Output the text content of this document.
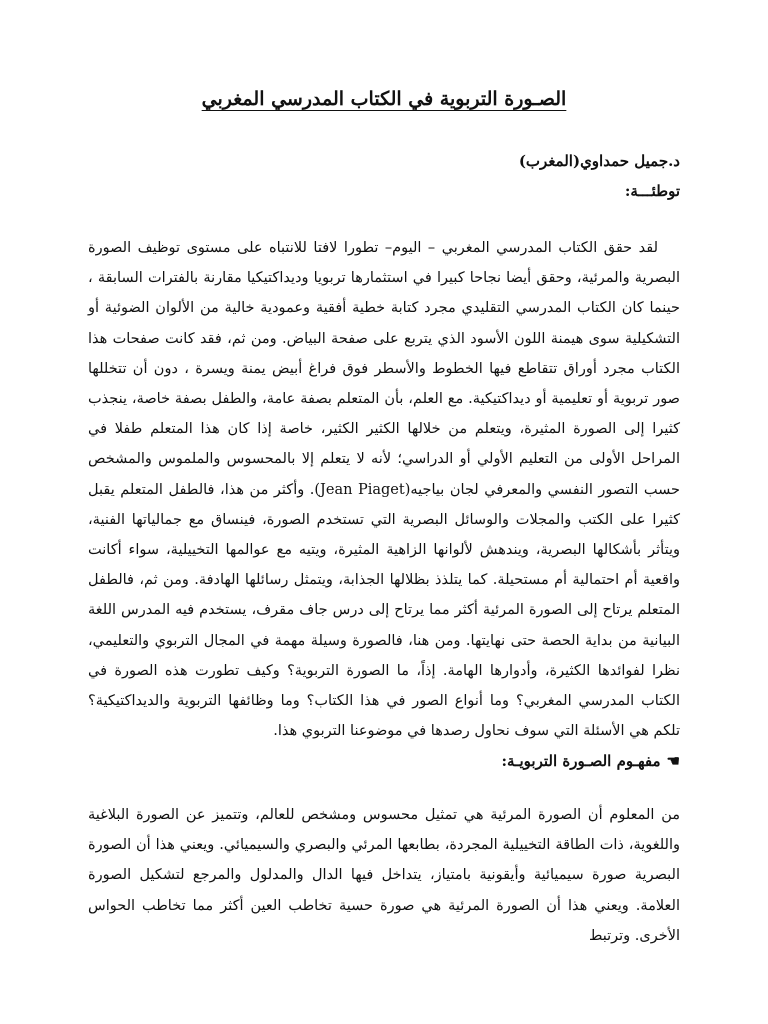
الصـورة التربوية في الكتاب المدرسي المغربي
د.جميل حمداوي(المغرب)
توطئـــة:
لقد حقق الكتاب المدرسي المغربي – اليوم– تطورا لافتا للانتباه على مستوى توظيف الصورة البصرية والمرئية، وحقق أيضا نجاحا كبيرا في استثمارها تربويا وديداكتيكيا مقارنة بالفترات السابقة ، حينما كان الكتاب المدرسي التقليدي مجرد كتابة خطية أفقية وعمودية خالية من الألوان الضوئية أو التشكيلية سوى هيمنة اللون الأسود الذي يتربع على صفحة البياض. ومن ثم، فقد كانت صفحات هذا الكتاب مجرد أوراق تتقاطع فيها الخطوط والأسطر فوق فراغ أبيض يمنة ويسرة ، دون أن تتخللها صور تربوية أو تعليمية أو ديداكتيكية. مع العلم، بأن المتعلم بصفة عامة، والطفل بصفة خاصة، ينجذب كثيرا إلى الصورة المثيرة، ويتعلم من خلالها الكثير الكثير، خاصة إذا كان هذا المتعلم طفلا في المراحل الأولى من التعليم الأولي أو الدراسي؛ لأنه لا يتعلم إلا بالمحسوس والملموس والمشخص حسب التصور النفسي والمعرفي لجان بياجيه(Jean Piaget). وأكثر من هذا، فالطفل المتعلم يقبل كثيرا على الكتب والمجلات والوسائل البصرية التي تستخدم الصورة، فينساق مع جمالياتها الفنية، ويتأثر بأشكالها البصرية، ويندهش لألوانها الزاهية المثيرة، ويتيه مع عوالمها التخييلية، سواء أكانت واقعية أم احتمالية أم مستحيلة. كما يتلذذ بظلالها الجذابة، ويتمثل رسائلها الهادفة. ومن ثم، فالطفل المتعلم يرتاح إلى الصورة المرئية أكثر مما يرتاح إلى درس جاف مقرف، يستخدم فيه المدرس اللغة البيانية من بداية الحصة حتى نهايتها. ومن هنا، فالصورة وسيلة مهمة في المجال التربوي والتعليمي، نظرا لفوائدها الكثيرة، وأدوارها الهامة. إذاً، ما الصورة التربوية؟ وكيف تطورت هذه الصورة في الكتاب المدرسي المغربي؟ وما أنواع الصور في هذا الكتاب؟ وما وظائفها التربوية والديداكتيكية؟ تلكم هي الأسئلة التي سوف نحاول رصدها في موضوعنا التربوي هذا.
☚مفهـوم الصـورة التربويـة:
من المعلوم أن الصورة المرئية هي تمثيل محسوس ومشخص للعالم، وتتميز عن الصورة البلاغية واللغوية، ذات الطاقة التخييلية المجردة، بطابعها المرئي والبصري والسيميائي. ويعني هذا أن الصورة البصرية صورة سيميائية وأيقونية بامتياز، يتداخل فيها الدال والمدلول والمرجع لتشكيل الصورة العلامة. ويعني هذا أن الصورة المرئية هي صورة حسية تخاطب العين أكثر مما تخاطب الحواس الأخرى. وترتبط
